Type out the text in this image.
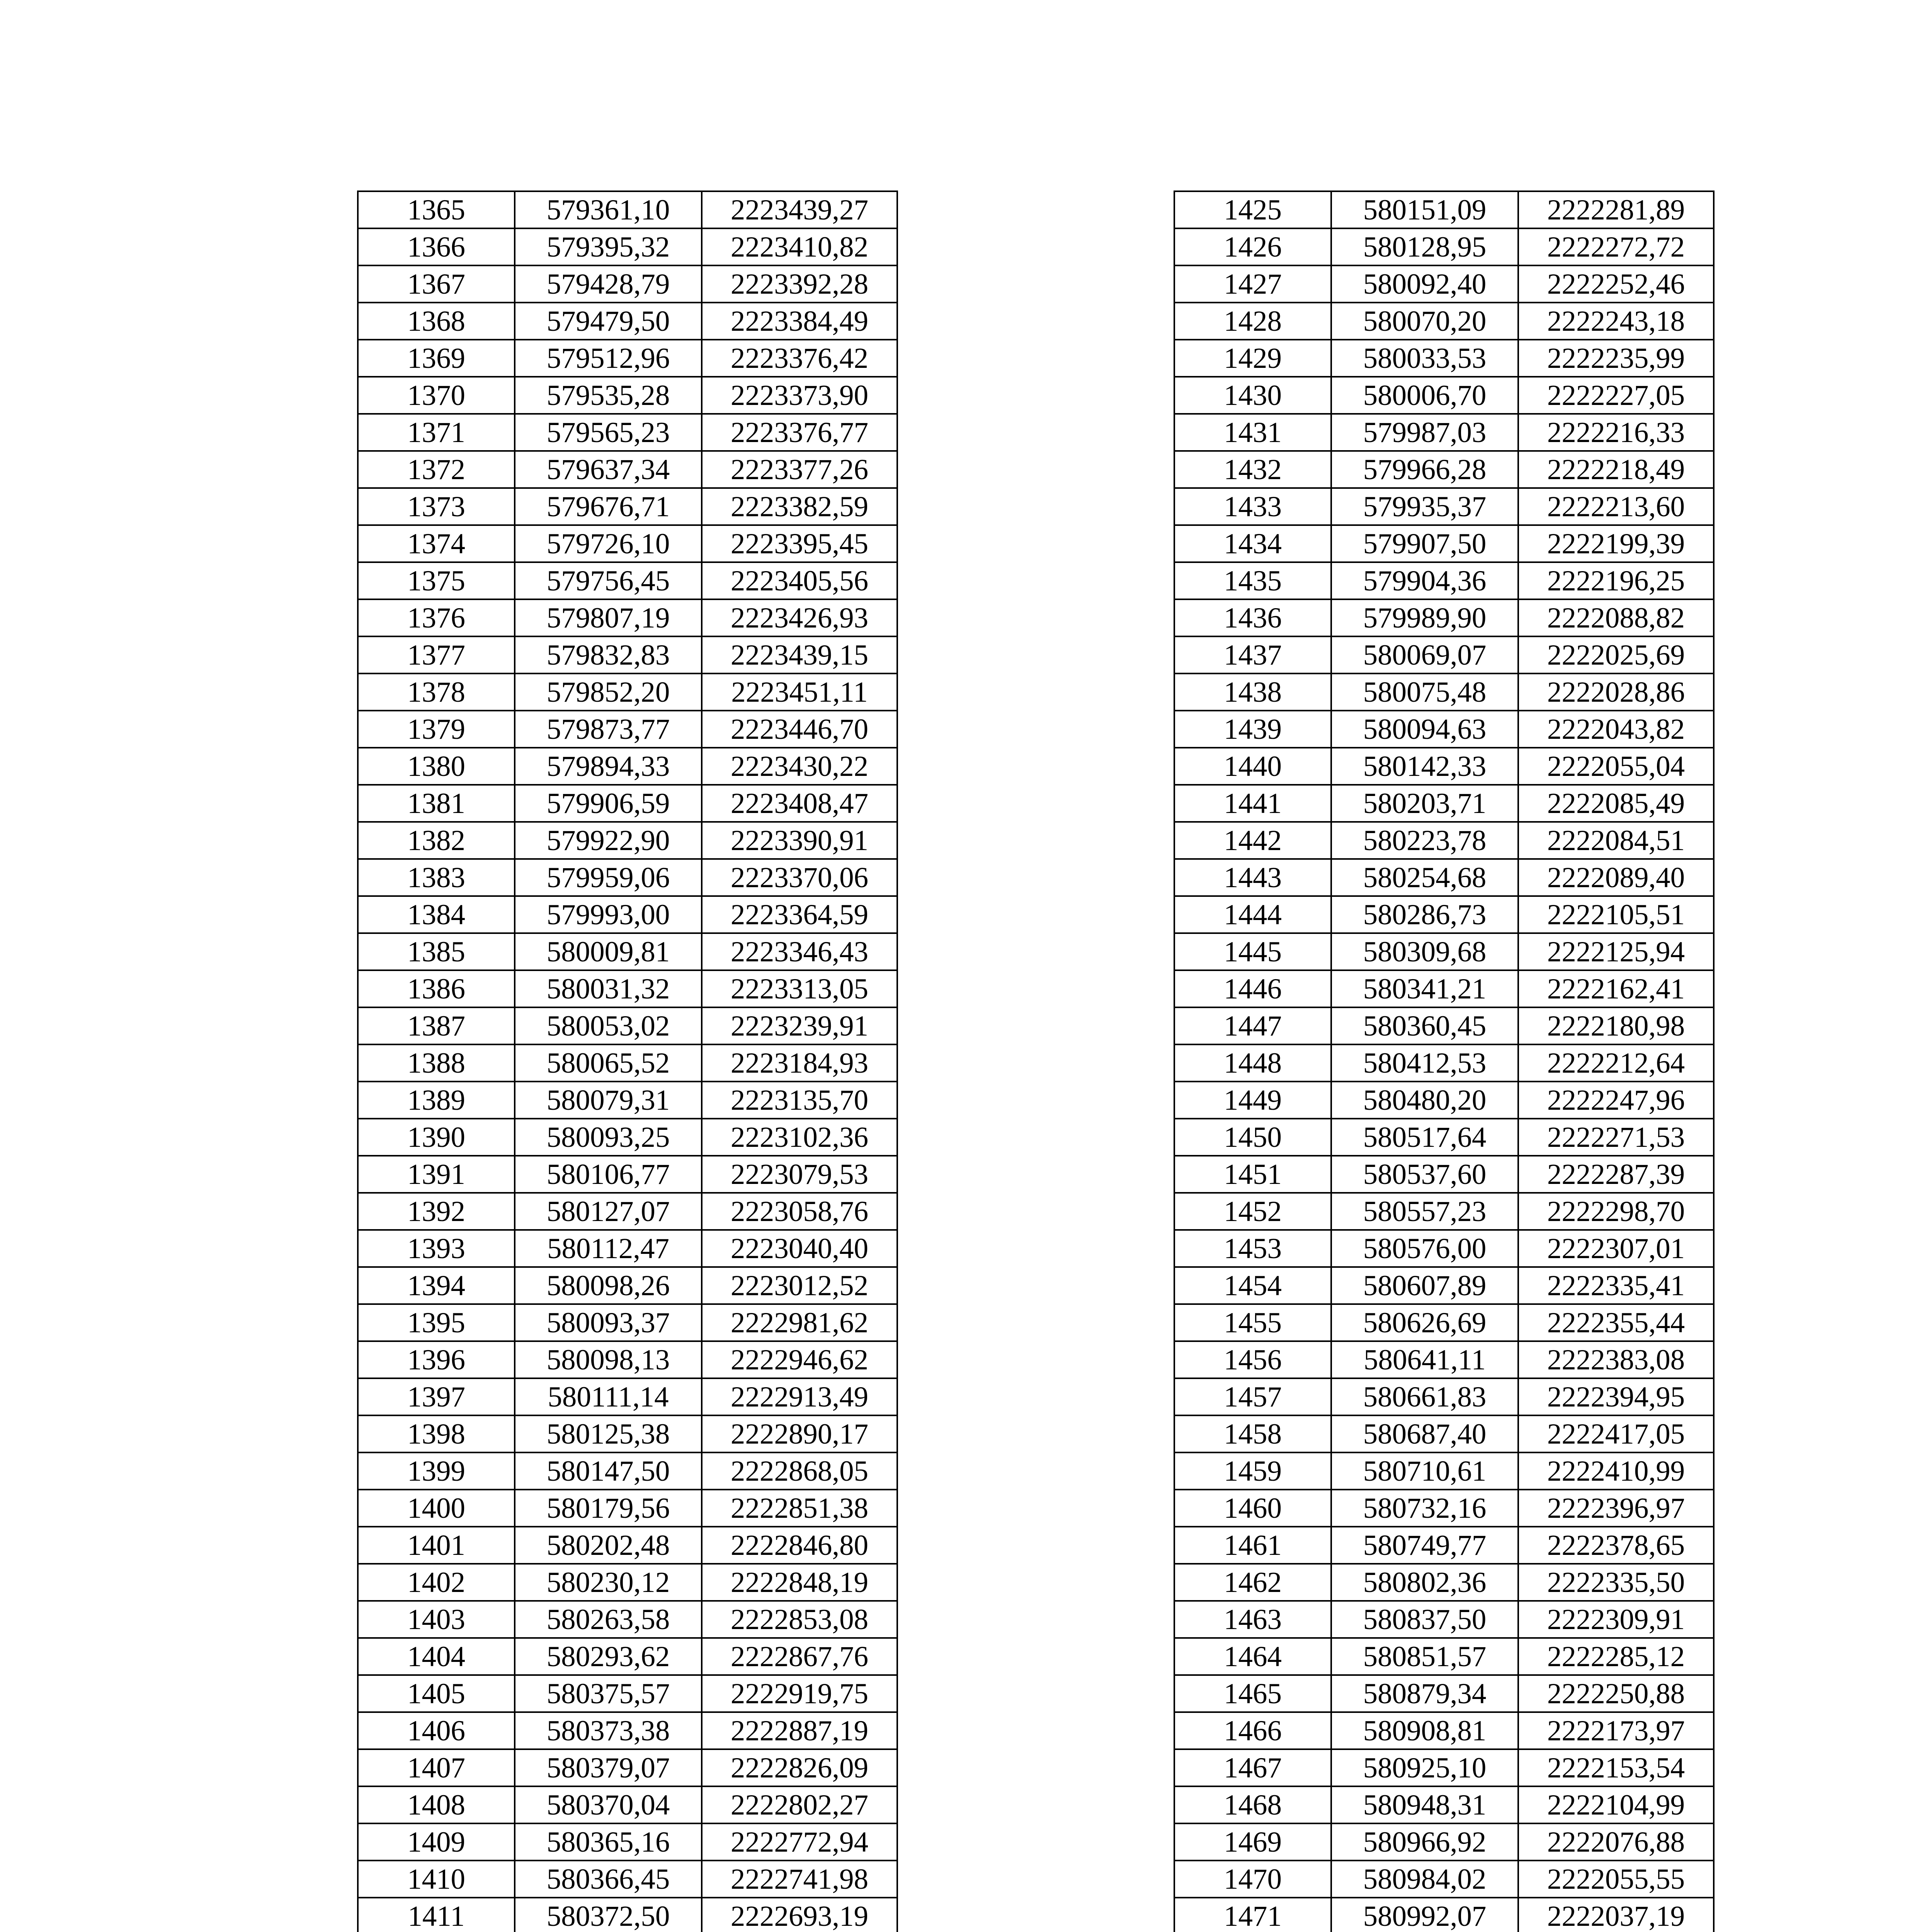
1365	579361,10	2223439,27
1366	579395,32	2223410,82
1367	579428,79	2223392,28
1368	579479,50	2223384,49
1369	579512,96	2223376,42
1370	579535,28	2223373,90
1371	579565,23	2223376,77
1372	579637,34	2223377,26
1373	579676,71	2223382,59
1374	579726,10	2223395,45
1375	579756,45	2223405,56
1376	579807,19	2223426,93
1377	579832,83	2223439,15
1378	579852,20	2223451,11
1379	579873,77	2223446,70
1380	579894,33	2223430,22
1381	579906,59	2223408,47
1382	579922,90	2223390,91
1383	579959,06	2223370,06
1384	579993,00	2223364,59
1385	580009,81	2223346,43
1386	580031,32	2223313,05
1387	580053,02	2223239,91
1388	580065,52	2223184,93
1389	580079,31	2223135,70
1390	580093,25	2223102,36
1391	580106,77	2223079,53
1392	580127,07	2223058,76
1393	580112,47	2223040,40
1394	580098,26	2223012,52
1395	580093,37	2222981,62
1396	580098,13	2222946,62
1397	580111,14	2222913,49
1398	580125,38	2222890,17
1399	580147,50	2222868,05
1400	580179,56	2222851,38
1401	580202,48	2222846,80
1402	580230,12	2222848,19
1403	580263,58	2222853,08
1404	580293,62	2222867,76
1405	580375,57	2222919,75
1406	580373,38	2222887,19
1407	580379,07	2222826,09
1408	580370,04	2222802,27
1409	580365,16	2222772,94
1410	580366,45	2222741,98
1411	580372,50	2222693,19

1425	580151,09	2222281,89
1426	580128,95	2222272,72
1427	580092,40	2222252,46
1428	580070,20	2222243,18
1429	580033,53	2222235,99
1430	580006,70	2222227,05
1431	579987,03	2222216,33
1432	579966,28	2222218,49
1433	579935,37	2222213,60
1434	579907,50	2222199,39
1435	579904,36	2222196,25
1436	579989,90	2222088,82
1437	580069,07	2222025,69
1438	580075,48	2222028,86
1439	580094,63	2222043,82
1440	580142,33	2222055,04
1441	580203,71	2222085,49
1442	580223,78	2222084,51
1443	580254,68	2222089,40
1444	580286,73	2222105,51
1445	580309,68	2222125,94
1446	580341,21	2222162,41
1447	580360,45	2222180,98
1448	580412,53	2222212,64
1449	580480,20	2222247,96
1450	580517,64	2222271,53
1451	580537,60	2222287,39
1452	580557,23	2222298,70
1453	580576,00	2222307,01
1454	580607,89	2222335,41
1455	580626,69	2222355,44
1456	580641,11	2222383,08
1457	580661,83	2222394,95
1458	580687,40	2222417,05
1459	580710,61	2222410,99
1460	580732,16	2222396,97
1461	580749,77	2222378,65
1462	580802,36	2222335,50
1463	580837,50	2222309,91
1464	580851,57	2222285,12
1465	580879,34	2222250,88
1466	580908,81	2222173,97
1467	580925,10	2222153,54
1468	580948,31	2222104,99
1469	580966,92	2222076,88
1470	580984,02	2222055,55
1471	580992,07	2222037,19
